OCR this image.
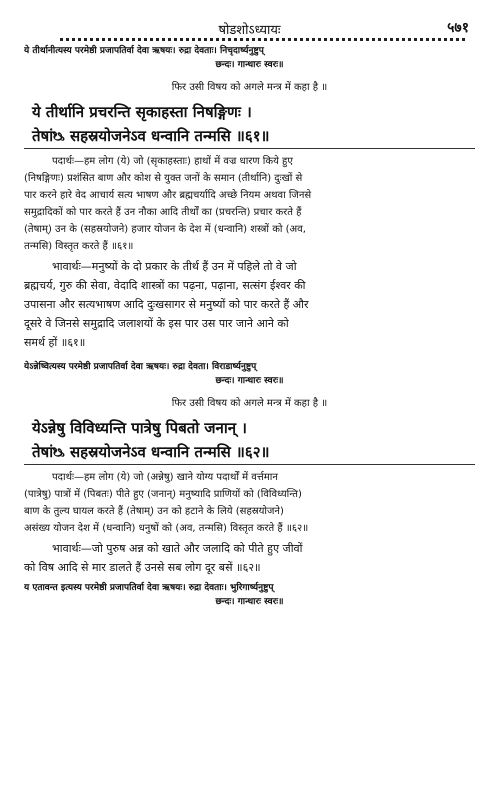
षोडशोऽध्यायः	५७१
ये तीर्थानीत्यस्य परमेष्ठी प्रजापतिर्वा देवा ऋषयः। रुद्रा देवताः। निचृदार्ष्यनुष्टुप्
छन्दः। गान्धारः स्वरः॥
फिर उसी विषय को अगले मन्त्र में कहा है ॥
ये तीर्थानि प्रचरन्ति सृकाहस्ता निषङ्गिणः ।
तेषांᳬ सहस्रयोजनेऽव धन्वानि तन्मसि ॥६१॥
पदार्थः—हम लोग (ये) जो (सृकाहस्ताः) हाथों में वज्र धारण किये हुए
(निषङ्गिणः) प्रशंसित बाण और कोश से युक्त जनों के समान (तीर्थानि) दुःखों से
पार करने हारे वेद आचार्य सत्य भाषण और ब्रह्मचर्यादि अच्छे नियम अथवा जिनसे
समुद्रादिकों को पार करते हैं उन नौका आदि तीर्थों का (प्रचरन्ति) प्रचार करते हैं
(तेषाम्) उन के (सहस्रयोजने) हजार योजन के देश में (धन्वानि) शस्त्रों को (अव,
तन्मसि) विस्तृत करते हैं ॥६१॥
भावार्थः—मनुष्यों के दो प्रकार के तीर्थ हैं उन में पहिले तो वे जो
ब्रह्मचर्य, गुरु की सेवा, वेदादि शास्त्रों का पढ़ना, पढ़ाना, सत्संग ईश्वर की
उपासना और सत्यभाषण आदि दुःखसागर से मनुष्यों को पार करते हैं और
दूसरे वे जिनसे समुद्रादि जलाशयों के इस पार उस पार जाने आने को
समर्थ हों ॥६१॥
येऽन्नेष्वित्यस्य परमेष्ठी प्रजापतिर्वा देवा ऋषयः। रुद्रा देवता। विराडार्ष्यनुष्टुप्
छन्दः। गान्धारः स्वरः॥
फिर उसी विषय को अगले मन्त्र में कहा है ॥
येऽन्नेषु विविध्यन्ति पात्रेषु पिबतो जनान् ।
तेषांᳬ सहस्रयोजनेऽव धन्वानि तन्मसि ॥६२॥
पदार्थः—हम लोग (ये) जो (अन्नेषु) खाने योग्य पदार्थों में वर्त्तमान
(पात्रेषु) पात्रों में (पिबतः) पीते हुए (जनान्) मनुष्यादि प्राणियों को (विविध्यन्ति)
बाण के तुल्य घायल करते हैं (तेषाम्) उन को हटाने के लिये (सहस्रयोजने)
असंख्य योजन देश में (धन्वानि) धनुषों को (अव, तन्मसि) विस्तृत करते हैं ॥६२॥
भावार्थः—जो पुरुष अन्न को खाते और जलादि को पीते हुए जीवों
को विष आदि से मार डालते हैं उनसे सब लोग दूर बसें ॥६२॥
य एतावन्त इत्यस्य परमेष्ठी प्रजापतिर्वा देवा ऋषयः। रुद्रा देवताः। भुरिगार्ष्यनुष्टुप्
छन्दः। गान्धारः स्वरः॥
